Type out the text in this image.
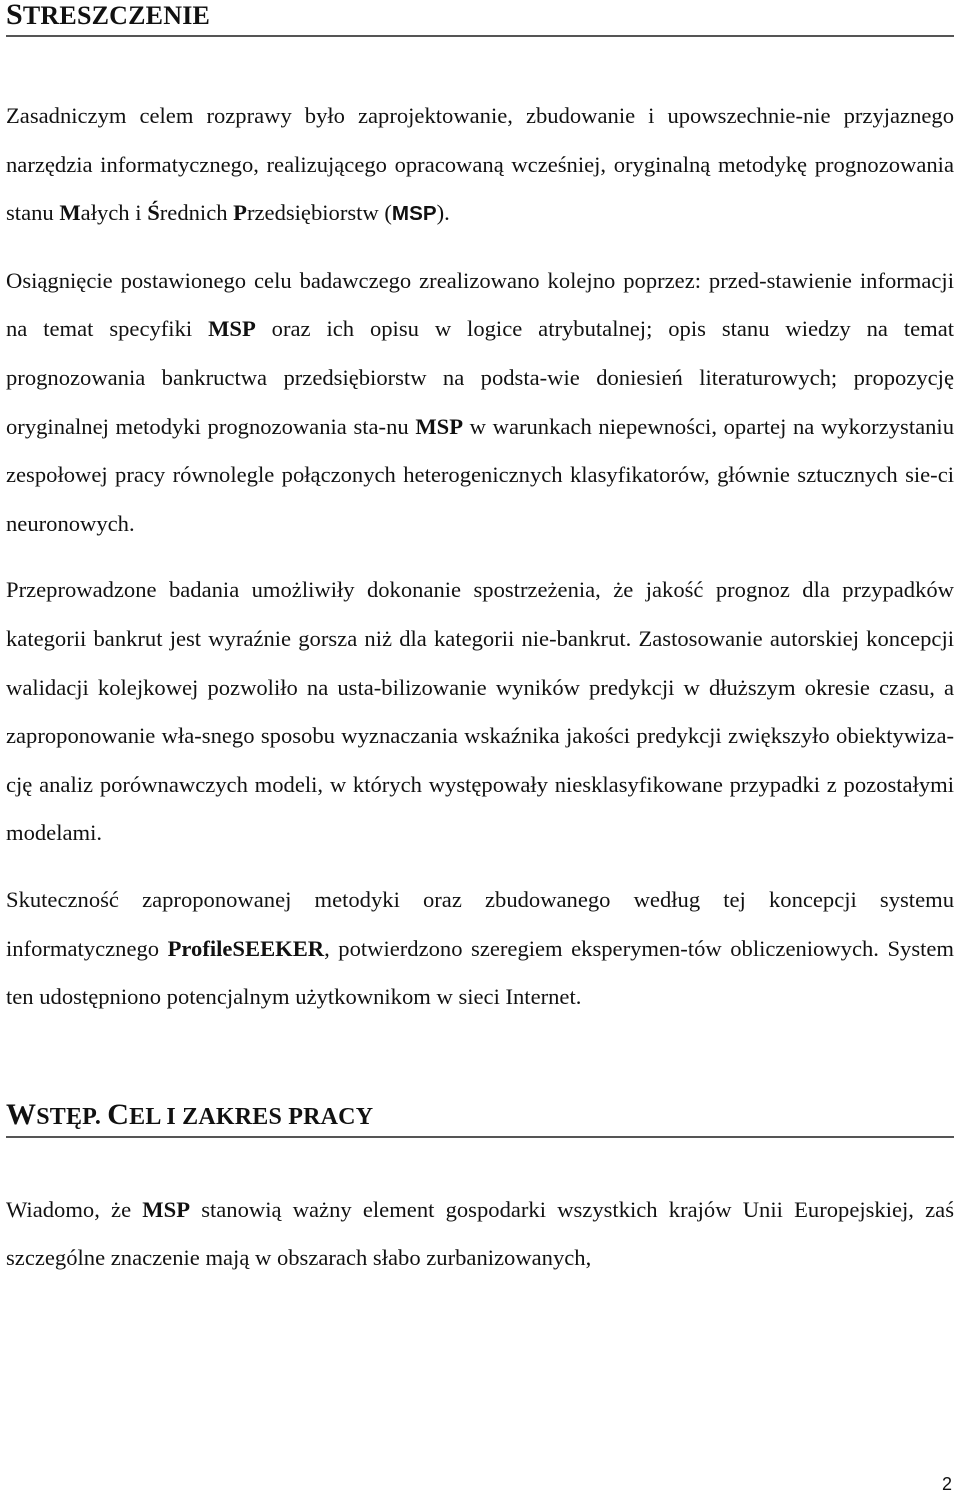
STRESZCZENIE

Zasadniczym celem rozprawy było zaprojektowanie, zbudowanie i upowszechnie-nie przyjaznego narzędzia informatycznego, realizującego opracowaną wcześniej, oryginalną metodykę prognozowania stanu Małych i Średnich Przedsiębiorstw (MSP).

Osiągnięcie postawionego celu badawczego zrealizowano kolejno poprzez: przed-stawienie informacji na temat specyfiki MSP oraz ich opisu w logice atrybutalnej; opis stanu wiedzy na temat prognozowania bankructwa przedsiębiorstw na podsta-wie doniesień literaturowych; propozycję oryginalnej metodyki prognozowania sta-nu MSP w warunkach niepewności, opartej na wykorzystaniu zespołowej pracy równolegle połączonych heterogenicznych klasyfikatorów, głównie sztucznych sie-ci neuronowych.

Przeprowadzone badania umożliwiły dokonanie spostrzeżenia, że jakość prognoz dla przypadków kategorii bankrut jest wyraźnie gorsza niż dla kategorii nie-bankrut. Zastosowanie autorskiej koncepcji walidacji kolejkowej pozwoliło na usta-bilizowanie wyników predykcji w dłuższym okresie czasu, a zaproponowanie wła-snego sposobu wyznaczania wskaźnika jakości predykcji zwiększyło obiektywiza-cję analiz porównawczych modeli, w których występowały niesklasyfikowane przypadki z pozostałymi modelami.

Skuteczność zaproponowanej metodyki oraz zbudowanego według tej koncepcji systemu informatycznego ProfileSEEKER, potwierdzono szeregiem eksperymen-tów obliczeniowych. System ten udostępniono potencjalnym użytkownikom w sieci Internet.

WSTĘP. CEL I ZAKRES PRACY

Wiadomo, że MSP stanowią ważny element gospodarki wszystkich krajów Unii Europejskiej, zaś szczególne znaczenie mają w obszarach słabo zurbanizowanych,

2
